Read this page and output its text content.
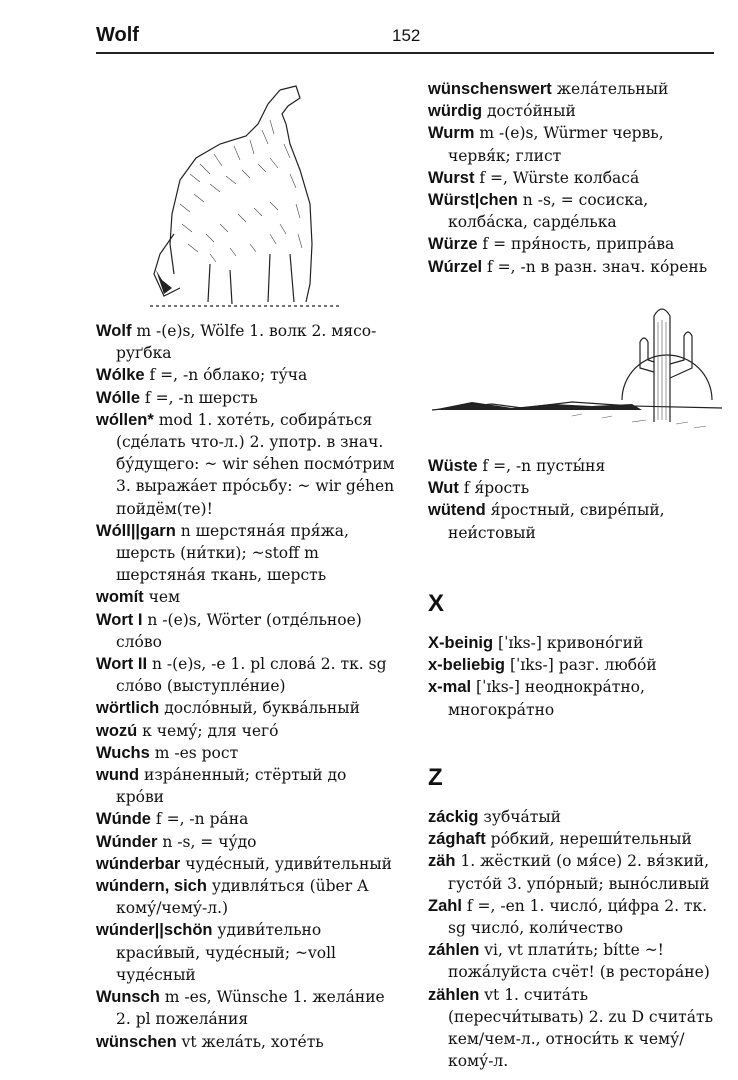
Wolf	152

Wolf m -(e)s, Wölfe 1. волк 2. мясо-руґбка

Wólke f =, -n о́блако; ту́ча

Wólle f =, -n шерсть

wóllen* mod 1. хоте́ть, собира́ться (сде́лать что-л.) 2. употр. в знач. бу́дущего: ~ wir séhen посмо́трим 3. выража́ет про́сьбу: ~ wir géhen пойдём(те)!

Wóll||garn n шерстяна́я пря́жа, шерсть (ни́тки); ~stoff m шерстяна́я ткань, шерсть

womít чем

Wort I n -(e)s, Wörter (отде́льное) сло́во

Wort II n -(e)s, -e 1. pl слова́ 2. тк. sg сло́во (выступле́ние)

wörtlich досло́вный, буква́льный

wozú к чему́; для чего́

Wuchs m -es рост

wund изра́ненный; стёртый до кро́ви

Wúnde f =, -n ра́на

Wúnder n -s, = чу́до

wúnderbar чуде́сный, удиви́тельный

wúndern, sich удивля́ться (über A кому́/чему́-л.)

wúnder||schön удиви́тельно краси́вый, чуде́сный; ~voll чуде́сный

Wunsch m -es, Wünsche 1. жела́ние 2. pl пожела́ния

wünschen vt жела́ть, хоте́ть

wünschenswert жела́тельный

würdig досто́йный

Wurm m -(e)s, Würmer червь, червя́к; глист

Wurst f =, Würste колбаса́

Würst|chen n -s, = сосиска, колба́ска, сарде́лька

Würze f = пря́ность, припра́ва

Wúrzel f =, -n в разн. знач. ко́рень

Wüste f =, -n пусты́ня

Wut f я́рость

wütend я́ростный, свире́пый, неи́стовый

X

X-beinig [ˈɪks-] кривоно́гий

x-beliebig [ˈɪks-] разг. любо́й

x-mal [ˈɪks-] неоднокра́тно, многокра́тно

Z

záckig зубча́тый

zághaft ро́бкий, нереши́тельный

zäh 1. жёсткий (о мя́се) 2. вя́зкий, густо́й 3. упо́рный; выно́сливый

Zahl f =, -en 1. число́, ци́фра 2. тк. sg число́, коли́чество

záhlen vi, vt плати́ть; bítte ~! пожа́луйста счёт! (в рестора́не)

zählen vt 1. счита́ть (пересчи́тывать) 2. zu D счита́ть кем/чем-л., относи́ть к чему́/кому́-л.
